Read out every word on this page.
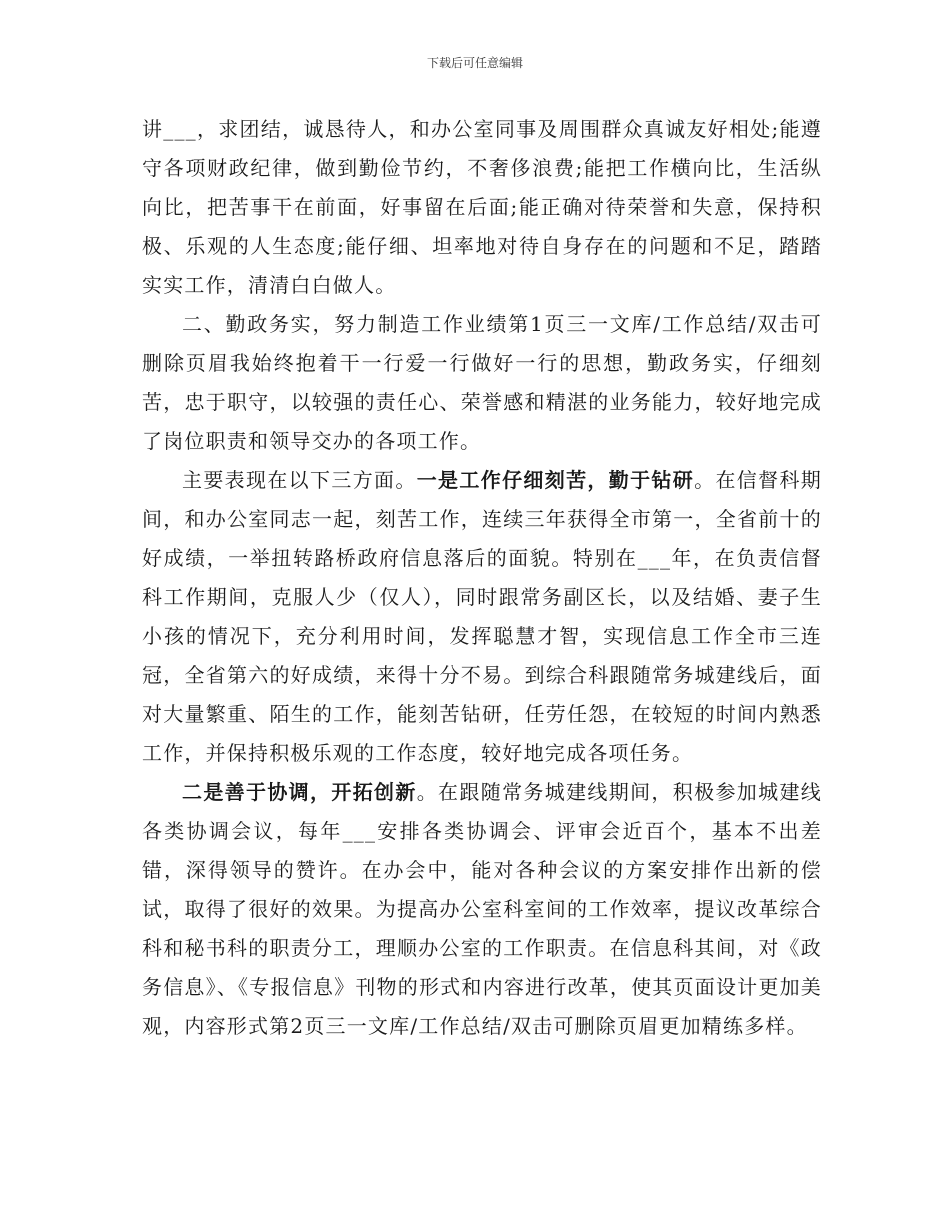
下载后可任意编辑

讲___，求团结，诚恳待人，和办公室同事及周围群众真诚友好相处;能遵守各项财政纪律，做到勤俭节约，不奢侈浪费;能把工作横向比，生活纵向比，把苦事干在前面，好事留在后面;能正确对待荣誉和失意，保持积极、乐观的人生态度;能仔细、坦率地对待自身存在的问题和不足，踏踏实实工作，清清白白做人。

二、勤政务实，努力制造工作业绩第1页三一文库/工作总结/双击可删除页眉我始终抱着干一行爱一行做好一行的思想，勤政务实，仔细刻苦，忠于职守，以较强的责任心、荣誉感和精湛的业务能力，较好地完成了岗位职责和领导交办的各项工作。

主要表现在以下三方面。一是工作仔细刻苦，勤于钻研。在信督科期间，和办公室同志一起，刻苦工作，连续三年获得全市第一，全省前十的好成绩，一举扭转路桥政府信息落后的面貌。特别在___年，在负责信督科工作期间，克服人少（仅人），同时跟常务副区长，以及结婚、妻子生小孩的情况下，充分利用时间，发挥聪慧才智，实现信息工作全市三连冠，全省第六的好成绩，来得十分不易。到综合科跟随常务城建线后，面对大量繁重、陌生的工作，能刻苦钻研，任劳任怨，在较短的时间内熟悉工作，并保持积极乐观的工作态度，较好地完成各项任务。

二是善于协调，开拓创新。在跟随常务城建线期间，积极参加城建线各类协调会议，每年___安排各类协调会、评审会近百个，基本不出差错，深得领导的赞许。在办会中，能对各种会议的方案安排作出新的偿试，取得了很好的效果。为提高办公室科室间的工作效率，提议改革综合科和秘书科的职责分工，理顺办公室的工作职责。在信息科其间，对《政务信息》、《专报信息》刊物的形式和内容进行改革，使其页面设计更加美观，内容形式第2页三一文库/工作总结/双击可删除页眉更加精练多样。
